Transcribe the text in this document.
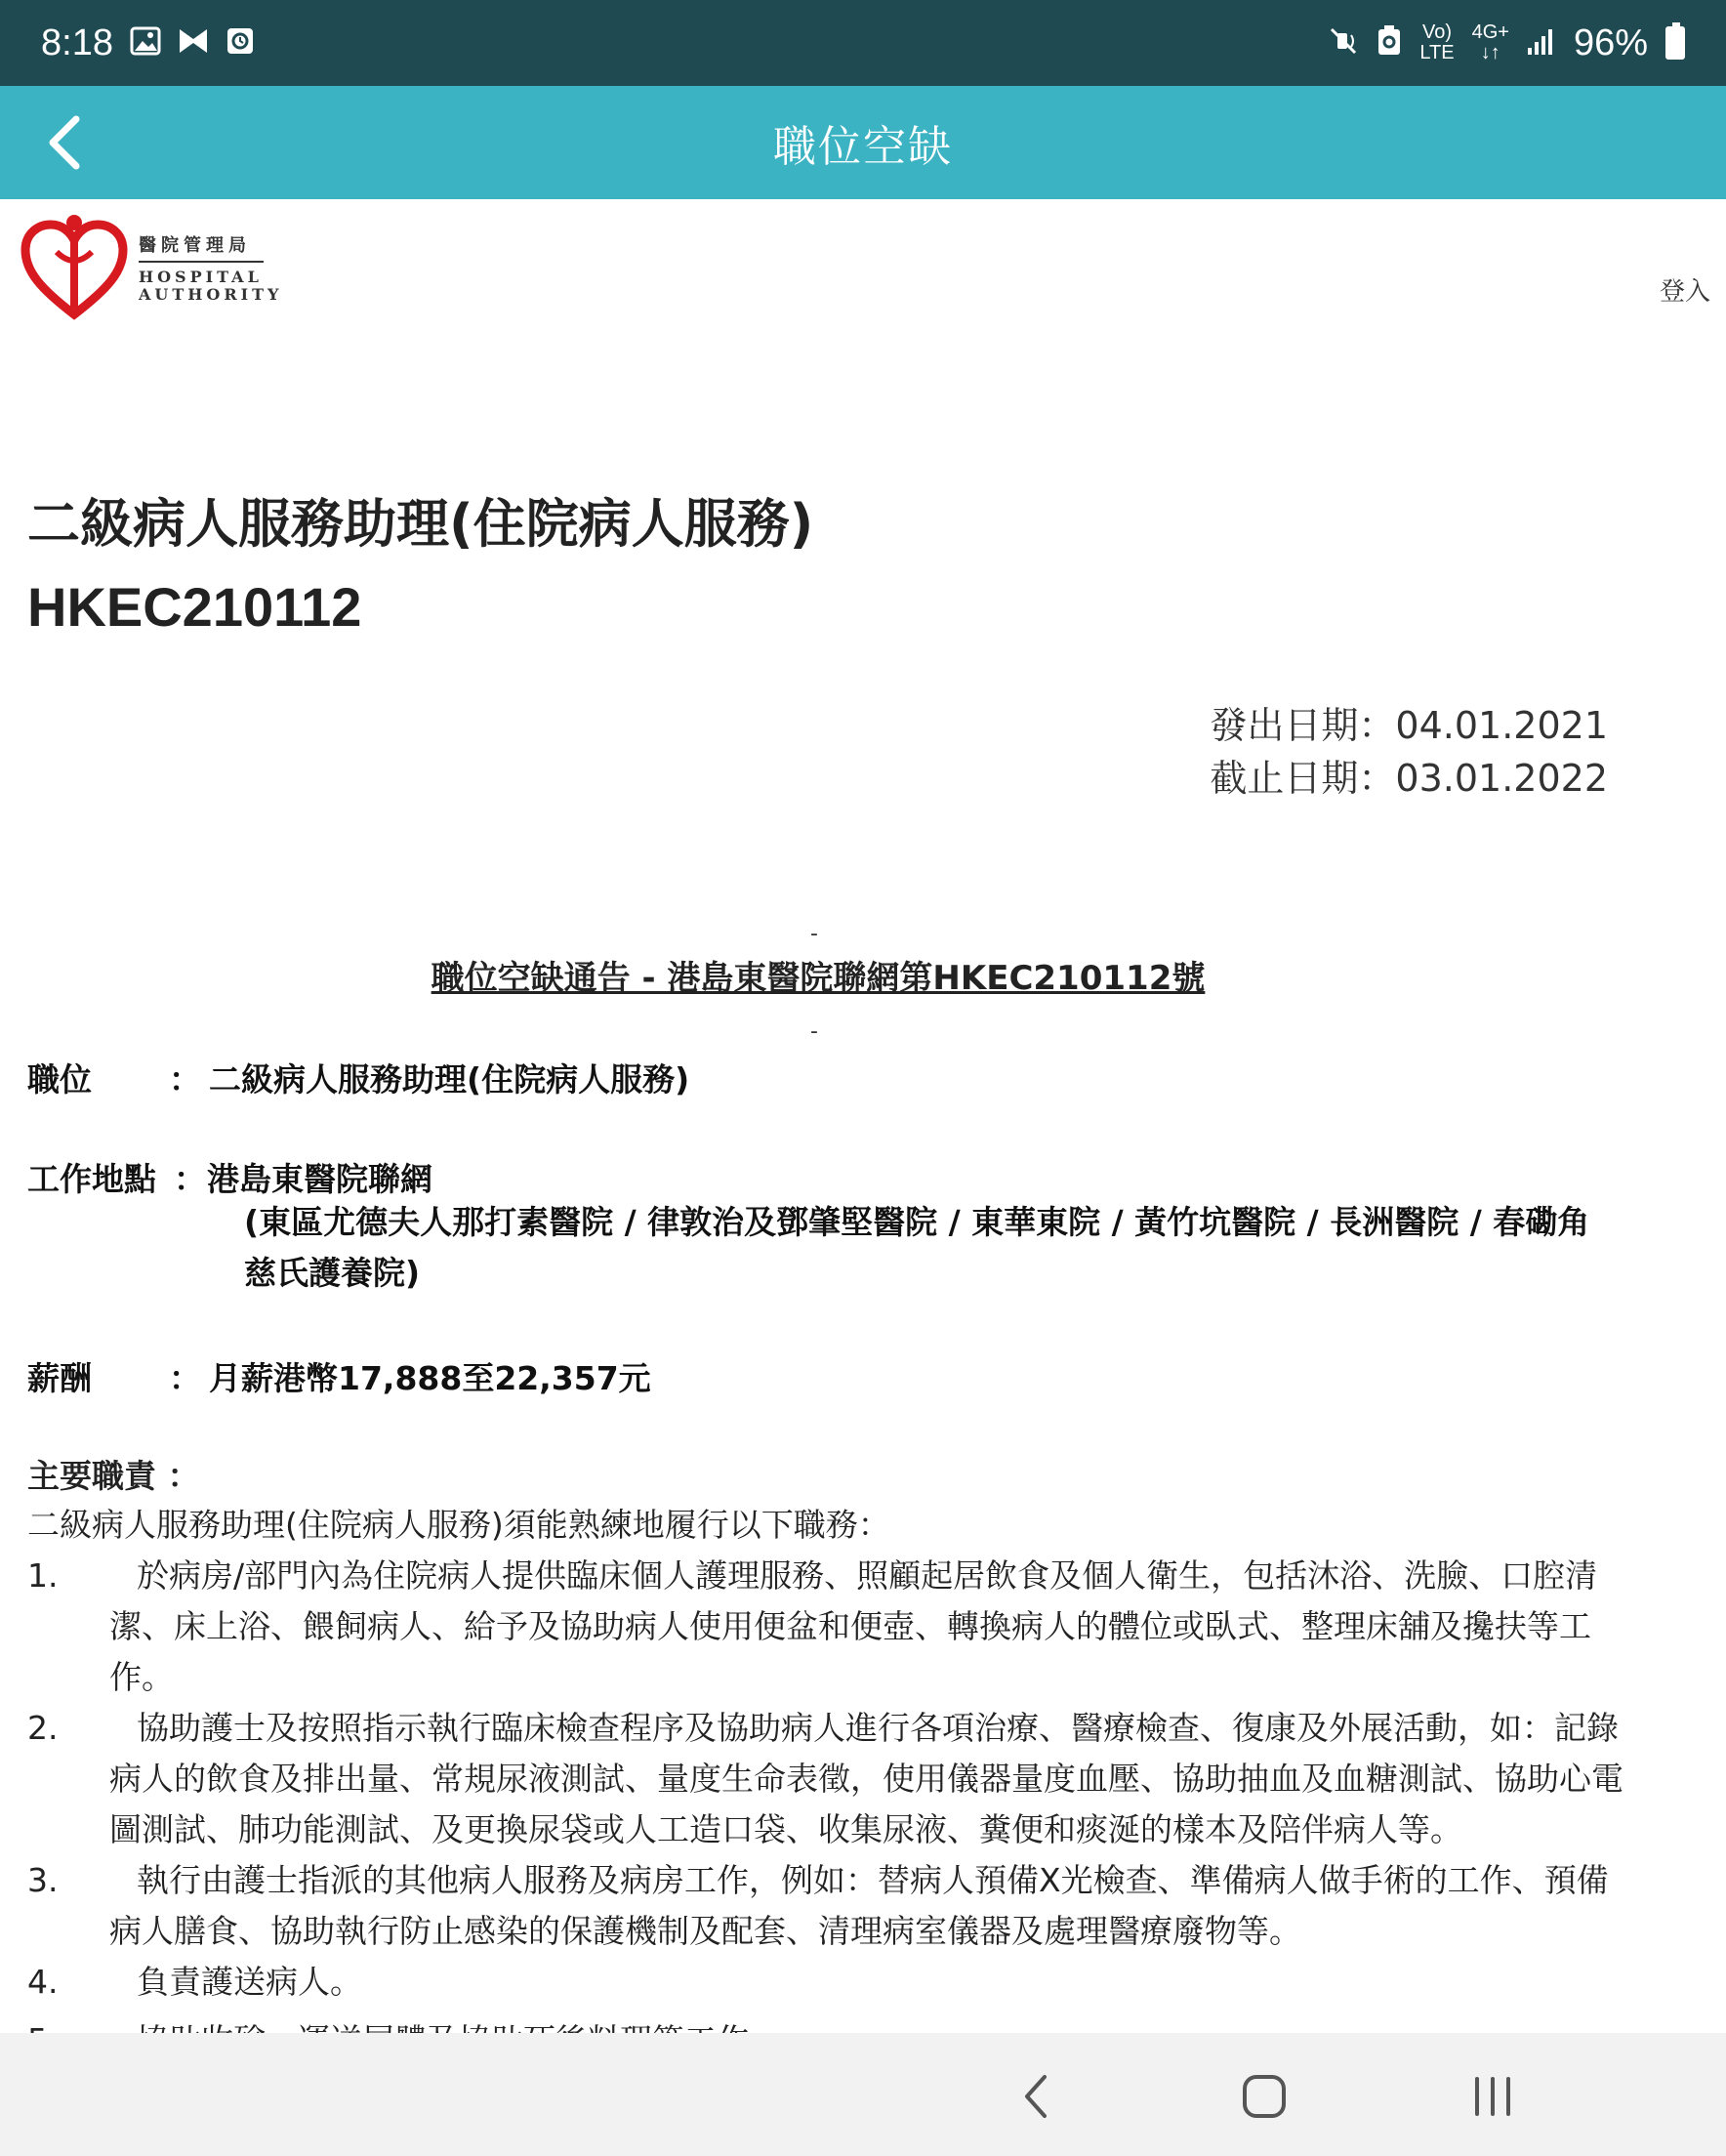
8:18	Vo)
LTE
4G+
↓↑ 96%
職位空缺
醫院管理局
HOSPITAL
AUTHORITY	登入
二級病人服務助理(住院病人服務)
HKEC210112
發出日期：04.01.2021
截止日期：03.01.2022
-
職位空缺通告 - 港島東醫院聯網第HKEC210112號
-
職位 ： 二級病人服務助理(住院病人服務)
工作地點 ： 港島東醫院聯網
(東區尤德夫人那打素醫院 / 律敦治及鄧肇堅醫院 / 東華東院 / 黃竹坑醫院 / 長洲醫院 / 春磡角慈氏護養院)
薪酬 ： 月薪港幣17,888至22,357元
主要職責 ：
二級病人服務助理(住院病人服務)須能熟練地履行以下職務：
1.	於病房/部門內為住院病人提供臨床個人護理服務、照顧起居飲食及個人衛生，包括沐浴、洗臉、口腔清潔、床上浴、餵飼病人、給予及協助病人使用便盆和便壺、轉換病人的體位或臥式、整理床舖及攙扶等工作。
2.	協助護士及按照指示執行臨床檢查程序及協助病人進行各項治療、醫療檢查、復康及外展活動，如：記錄病人的飲食及排出量、常規尿液測試、量度生命表徵，使用儀器量度血壓、協助抽血及血糖測試、協助心電圖測試、肺功能測試、及更換尿袋或人工造口袋、收集尿液、糞便和痰涎的樣本及陪伴病人等。
3.	執行由護士指派的其他病人服務及病房工作，例如：替病人預備X光檢查、準備病人做手術的工作、預備病人膳食、協助執行防止感染的保護機制及配套、清理病室儀器及處理醫療廢物等。
4.	負責護送病人。
